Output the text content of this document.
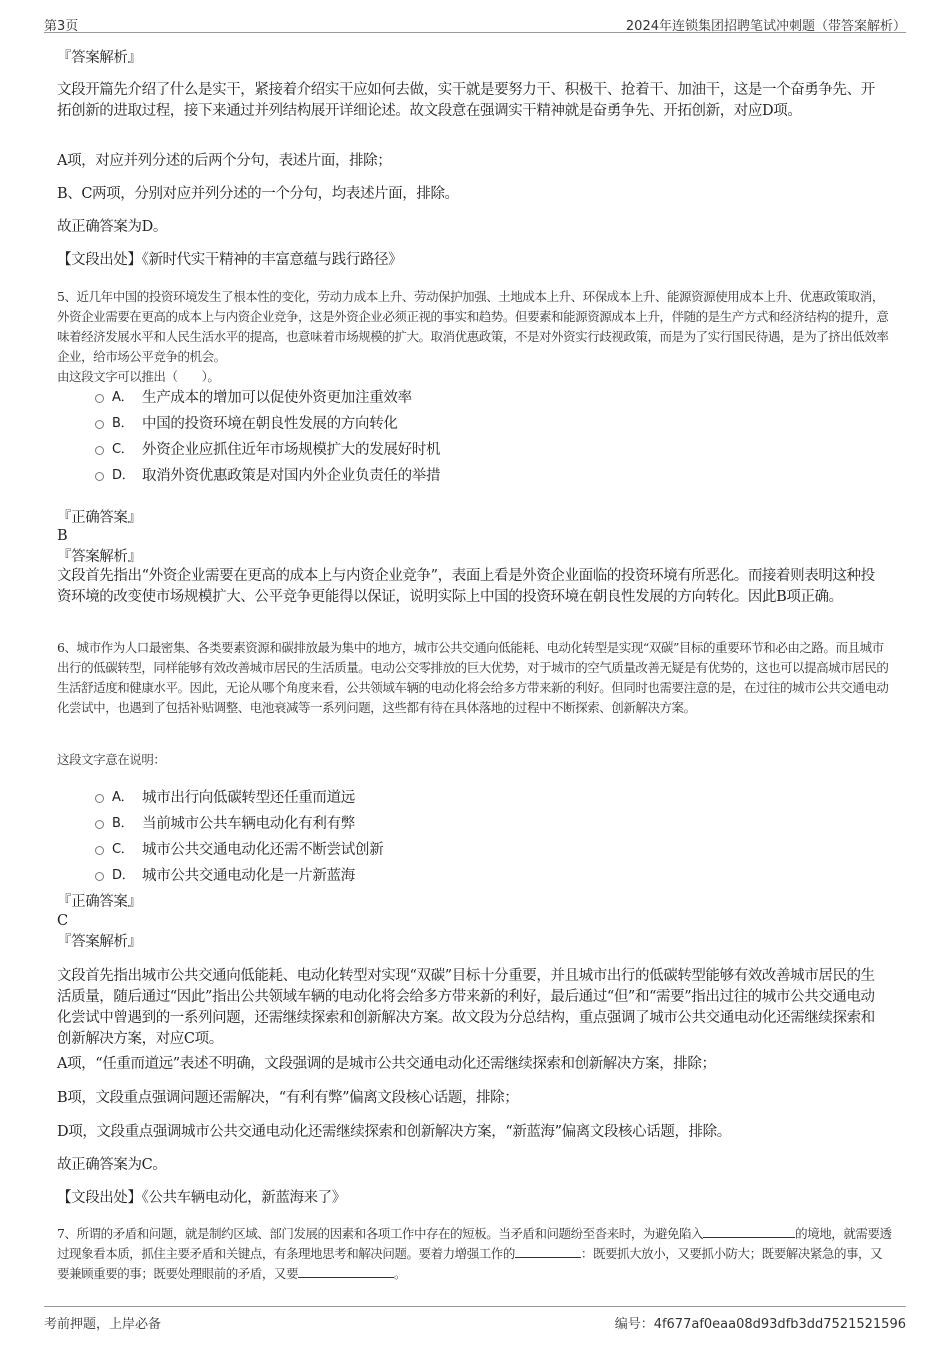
第3页	2024年连锁集团招聘笔试冲刺题（带答案解析）
『答案解析』
文段开篇先介绍了什么是实干，紧接着介绍实干应如何去做，实干就是要努力干、积极干、抢着干、加油干，这是一个奋勇争先、开拓创新的进取过程，接下来通过并列结构展开详细论述。故文段意在强调实干精神就是奋勇争先、开拓创新，对应D项。
A项，对应并列分述的后两个分句，表述片面，排除；
B、C两项，分别对应并列分述的一个分句，均表述片面，排除。
故正确答案为D。
【文段出处】《新时代实干精神的丰富意蕴与践行路径》
5、近几年中国的投资环境发生了根本性的变化，劳动力成本上升、劳动保护加强、土地成本上升、环保成本上升、能源资源使用成本上升、优惠政策取消，外资企业需要在更高的成本上与内资企业竞争，这是外资企业必须正视的事实和趋势。但要素和能源资源成本上升，伴随的是生产方式和经济结构的提升，意味着经济发展水平和人民生活水平的提高，也意味着市场规模的扩大。取消优惠政策，不是对外资实行歧视政策，而是为了实行国民待遇，是为了挤出低效率企业，给市场公平竞争的机会。
由这段文字可以推出（　　）。
A． 生产成本的增加可以促使外资更加注重效率
B． 中国的投资环境在朝良性发展的方向转化
C． 外资企业应抓住近年市场规模扩大的发展好时机
D． 取消外资优惠政策是对国内外企业负责任的举措
『正确答案』
B
『答案解析』
文段首先指出“外资企业需要在更高的成本上与内资企业竞争”，表面上看是外资企业面临的投资环境有所恶化。而接着则表明这种投资环境的改变使市场规模扩大、公平竞争更能得以保证，说明实际上中国的投资环境在朝良性发展的方向转化。因此B项正确。
6、城市作为人口最密集、各类要素资源和碳排放最为集中的地方，城市公共交通向低能耗、电动化转型是实现“双碳”目标的重要环节和必由之路。而且城市出行的低碳转型，同样能够有效改善城市居民的生活质量。电动公交零排放的巨大优势，对于城市的空气质量改善无疑是有优势的，这也可以提高城市居民的生活舒适度和健康水平。因此，无论从哪个角度来看，公共领域车辆的电动化将会给多方带来新的利好。但同时也需要注意的是，在过往的城市公共交通电动化尝试中，也遇到了包括补贴调整、电池衰减等一系列问题，这些都有待在具体落地的过程中不断探索、创新解决方案。
这段文字意在说明：
A． 城市出行向低碳转型还任重而道远
B． 当前城市公共车辆电动化有利有弊
C． 城市公共交通电动化还需不断尝试创新
D． 城市公共交通电动化是一片新蓝海
『正确答案』
C
『答案解析』
文段首先指出城市公共交通向低能耗、电动化转型对实现“双碳”目标十分重要，并且城市出行的低碳转型能够有效改善城市居民的生活质量，随后通过“因此”指出公共领域车辆的电动化将会给多方带来新的利好，最后通过“但”和“需要”指出过往的城市公共交通电动化尝试中曾遇到的一系列问题，还需继续探索和创新解决方案。故文段为分总结构，重点强调了城市公共交通电动化还需继续探索和创新解决方案，对应C项。
A项，“任重而道远”表述不明确，文段强调的是城市公共交通电动化还需继续探索和创新解决方案，排除；
B项，文段重点强调问题还需解决，“有利有弊”偏离文段核心话题，排除；
D项，文段重点强调城市公共交通电动化还需继续探索和创新解决方案，“新蓝海”偏离文段核心话题，排除。
故正确答案为C。
【文段出处】《公共车辆电动化，新蓝海来了》
7、所谓的矛盾和问题，就是制约区域、部门发展的因素和各项工作中存在的短板。当矛盾和问题纷至沓来时，为避免陷入	的境地，就需要透过现象看本质，抓住主要矛盾和关键点，有条理地思考和解决问题。要着力增强工作的	：既要抓大放小，又要抓小防大；既要解决紧急的事，又要兼顾重要的事；既要处理眼前的矛盾，又要	。
考前押题，上岸必备	编号：4f677af0eaa08d93dfb3dd7521521596
